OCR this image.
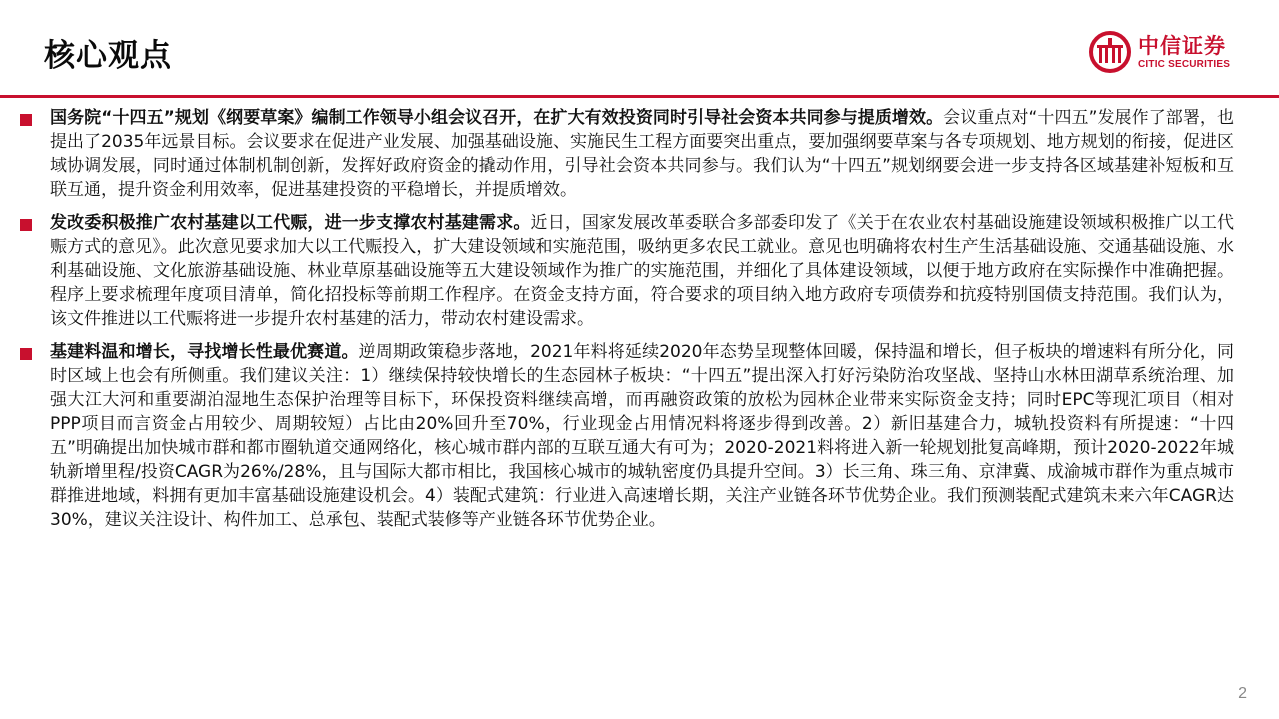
核心观点	中信证券
CITIC SECURITIES

国务院“十四五”规划《纲要草案》编制工作领导小组会议召开，在扩大有效投资同时引导社会资本共同参与提质增效。会议重点对“十四五”发展作了部署，也提出了2035年远景目标。会议要求在促进产业发展、加强基础设施、实施民生工程方面要突出重点，要加强纲要草案与各专项规划、地方规划的衔接，促进区域协调发展，同时通过体制机制创新，发挥好政府资金的撬动作用，引导社会资本共同参与。我们认为“十四五”规划纲要会进一步支持各区域基建补短板和互联互通，提升资金利用效率，促进基建投资的平稳增长，并提质增效。

发改委积极推广农村基建以工代赈，进一步支撑农村基建需求。近日，国家发展改革委联合多部委印发了《关于在农业农村基础设施建设领域积极推广以工代赈方式的意见》。此次意见要求加大以工代赈投入，扩大建设领域和实施范围，吸纳更多农民工就业。意见也明确将农村生产生活基础设施、交通基础设施、水利基础设施、文化旅游基础设施、林业草原基础设施等五大建设领域作为推广的实施范围，并细化了具体建设领域，以便于地方政府在实际操作中准确把握。程序上要求梳理年度项目清单，简化招投标等前期工作程序。在资金支持方面，符合要求的项目纳入地方政府专项债券和抗疫特别国债支持范围。我们认为，该文件推进以工代赈将进一步提升农村基建的活力，带动农村建设需求。

基建料温和增长，寻找增长性最优赛道。逆周期政策稳步落地，2021年料将延续2020年态势呈现整体回暖，保持温和增长，但子板块的增速料有所分化，同时区域上也会有所侧重。我们建议关注：1）继续保持较快增长的生态园林子板块：“十四五”提出深入打好污染防治攻坚战、坚持山水林田湖草系统治理、加强大江大河和重要湖泊湿地生态保护治理等目标下，环保投资料继续高增，而再融资政策的放松为园林企业带来实际资金支持；同时EPC等现汇项目（相对PPP项目而言资金占用较少、周期较短）占比由20%回升至70%，行业现金占用情况料将逐步得到改善。2）新旧基建合力，城轨投资料有所提速：“十四五”明确提出加快城市群和都市圈轨道交通网络化，核心城市群内部的互联互通大有可为；2020-2021料将进入新一轮规划批复高峰期，预计2020-2022年城轨新增里程/投资CAGR为26%/28%，且与国际大都市相比，我国核心城市的城轨密度仍具提升空间。3）长三角、珠三角、京津冀、成渝城市群作为重点城市群推进地域，料拥有更加丰富基础设施建设机会。4）装配式建筑：行业进入高速增长期，关注产业链各环节优势企业。我们预测装配式建筑未来六年CAGR达30%，建议关注设计、构件加工、总承包、装配式装修等产业链各环节优势企业。

2
